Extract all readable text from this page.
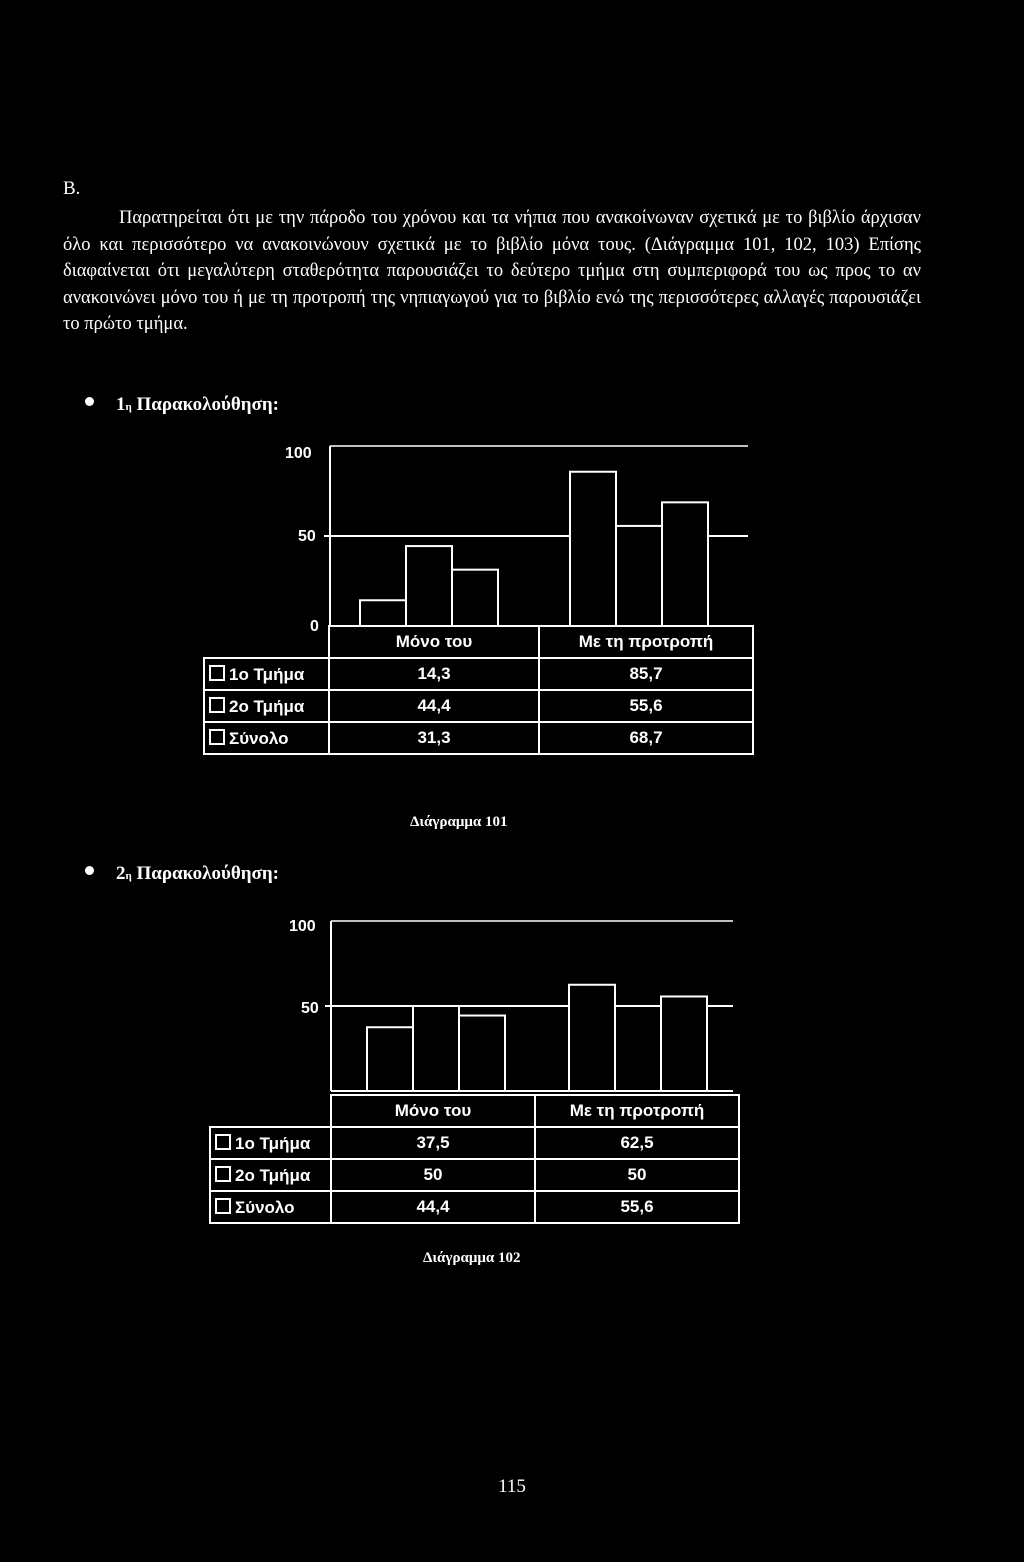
B.
Παρατηρείται ότι με την πάροδο του χρόνου και τα νήπια που ανακοίνωναν σχετικά με το βιβλίο άρχισαν όλο και περισσότερο να ανακοινώνουν σχετικά με το βιβλίο μόνα τους. (Διάγραμμα 101, 102, 103) Επίσης διαφαίνεται ότι μεγαλύτερη σταθερότητα παρουσιάζει το δεύτερο τμήμα στη συμπεριφορά του ως προς το αν ανακοινώνει μόνο του ή με τη προτροπή της νηπιαγωγού για το βιβλίο ενώ της περισσότερες αλλαγές παρουσιάζει το πρώτο τμήμα.
1 η
Παρακολούθηση:
100
50
0
	Μόνο του	Με τη προτροπή
1ο Τμήμα	14,3	85,7
2ο Τμήμα	44,4	55,6
Σύνολο	31,3	68,7
Διάγραμμα 101
2 η
Παρακολούθηση:
100
50
	Μόνο του	Με τη προτροπή
1ο Τμήμα	37,5	62,5
2ο Τμήμα	50	50
Σύνολο	44,4	55,6
Διάγραμμα 102
115
